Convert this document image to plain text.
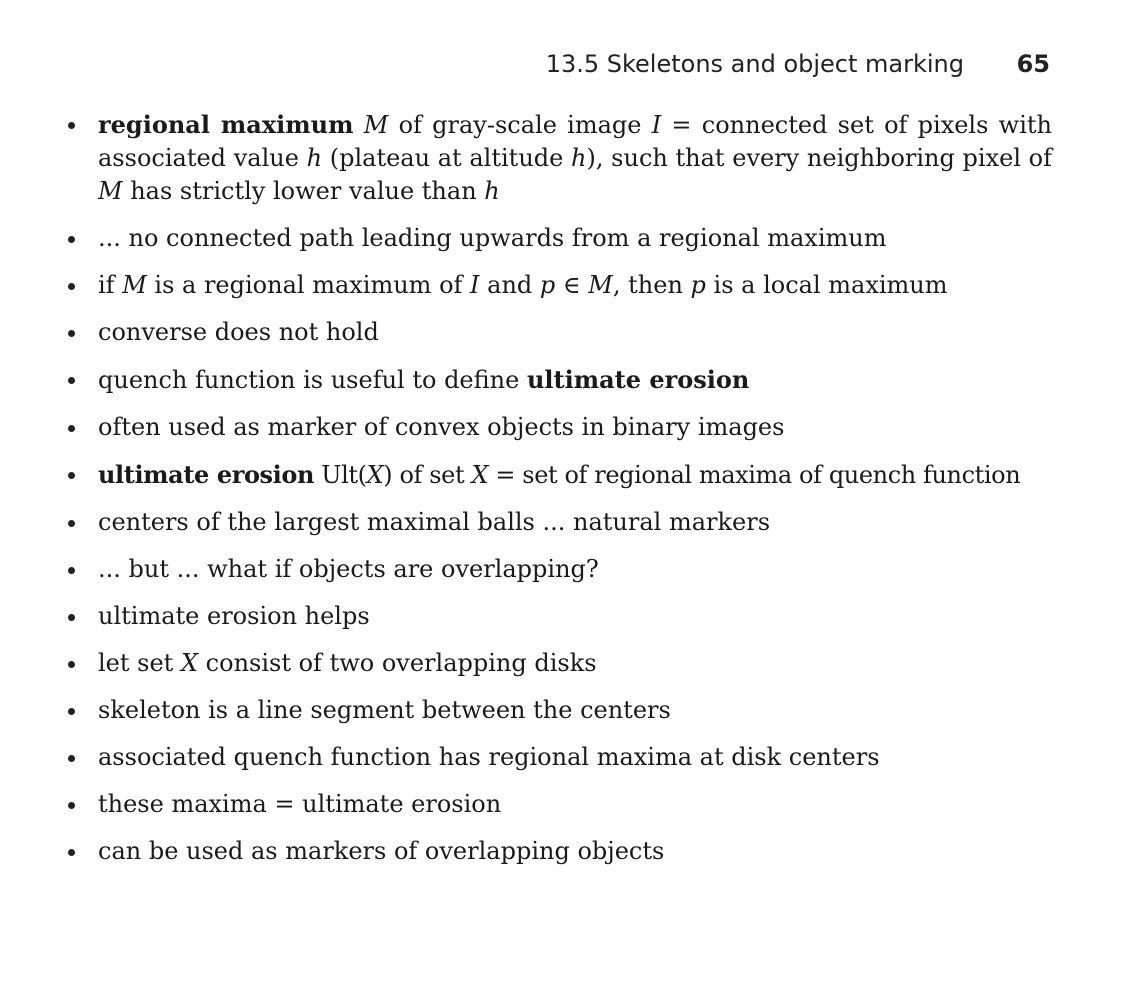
13.5 Skeletons and object marking 65
regional maximum M of gray-scale image I = connected set of pixels with associated value h (plateau at altitude h), such that every neighboring pixel of M has strictly lower value than h
... no connected path leading upwards from a regional maximum
if M is a regional maximum of I and p ∈ M, then p is a local maximum
converse does not hold
quench function is useful to define ultimate erosion
often used as marker of convex objects in binary images
ultimate erosion Ult(X) of set X = set of regional maxima of quench function
centers of the largest maximal balls ... natural markers
... but ... what if objects are overlapping?
ultimate erosion helps
let set X consist of two overlapping disks
skeleton is a line segment between the centers
associated quench function has regional maxima at disk centers
these maxima = ultimate erosion
can be used as markers of overlapping objects
